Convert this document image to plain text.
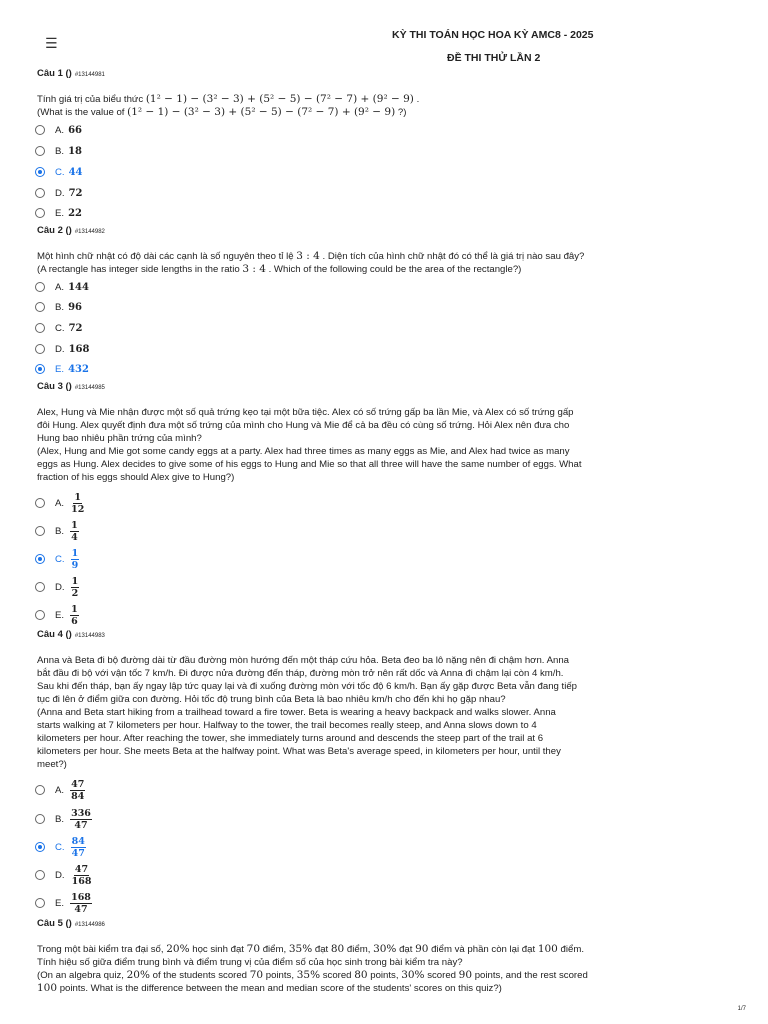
☰	KỲ THI TOÁN HỌC HOA KỲ AMC8 - 2025
ĐỀ THI THỬ LẦN 2
Câu 1 () #13144981

Tính giá trị của biểu thức (1² − 1) − (3² − 3) + (5² − 5) − (7² − 7) + (9² − 9) .

(What is the value of (1² − 1) − (3² − 3) + (5² − 5) − (7² − 7) + (9² − 9) ?)

A. 66
B. 18
C. 44
D. 72
E. 22
Câu 2 () #13144982

Một hình chữ nhật có độ dài các cạnh là số nguyên theo tỉ lệ 3 : 4 . Diện tích của hình chữ nhật đó có thể là giá trị nào sau đây?

(A rectangle has integer side lengths in the ratio 3 : 4 . Which of the following could be the area of the rectangle?)

A. 144
B. 96
C. 72
D. 168
E. 432
Câu 3 () #13144985

Alex, Hung và Mie nhận được một số quả trứng kẹo tại một bữa tiệc. Alex có số trứng gấp ba lần Mie, và Alex có số trứng gấp

đôi Hung. Alex quyết định đưa một số trứng của mình cho Hung và Mie để cả ba đều có cùng số trứng. Hỏi Alex nên đưa cho

Hung bao nhiêu phần trứng của mình?

(Alex, Hung and Mie got some candy eggs at a party. Alex had three times as many eggs as Mie, and Alex had twice as many

eggs as Hung. Alex decides to give some of his eggs to Hung and Mie so that all three will have the same number of eggs. What

fraction of his eggs should Alex give to Hung?)

A. $\frac{1}{12}$
B. $\frac{1}{4}$
C. $\frac{1}{9}$
D. $\frac{1}{2}$
E. $\frac{1}{6}$
Câu 4 () #13144983

Anna và Beta đi bộ đường dài từ đầu đường mòn hướng đến một tháp cứu hỏa. Beta đeo ba lô nặng nên đi chậm hơn. Anna

bắt đầu đi bộ với vận tốc 7 km/h. Đi được nửa đường đến tháp, đường mòn trở nên rất dốc và Anna đi chậm lại còn 4 km/h.

Sau khi đến tháp, bạn ấy ngay lập tức quay lại và đi xuống đường mòn với tốc độ 6 km/h. Bạn ấy gặp được Beta vẫn đang tiếp

tục đi lên ở điểm giữa con đường. Hỏi tốc độ trung bình của Beta là bao nhiêu km/h cho đến khi họ gặp nhau?

(Anna and Beta start hiking from a trailhead toward a fire tower. Beta is wearing a heavy backpack and walks slower. Anna

starts walking at 7 kilometers per hour. Halfway to the tower, the trail becomes really steep, and Anna slows down to 4

kilometers per hour. After reaching the tower, she immediately turns around and descends the steep part of the trail at 6

kilometers per hour. She meets Beta at the halfway point. What was Beta's average speed, in kilometers per hour, until they

meet?)

A. $\frac{47}{84}$
B. $\frac{336}{47}$
C. $\frac{84}{47}$
D. $\frac{47}{168}$
E. $\frac{168}{47}$
Câu 5 () #13144986

Trong một bài kiểm tra đại số, 20% học sinh đạt 70 điểm, 35% đạt 80 điểm, 30% đạt 90 điểm và phần còn lại đạt 100 điểm.

Tính hiệu số giữa điểm trung bình và điểm trung vị của điểm số của học sinh trong bài kiểm tra này?

(On an algebra quiz, 20% of the students scored 70 points, 35% scored 80 points, 30% scored 90 points, and the rest scored

100 points. What is the difference between the mean and median score of the students' scores on this quiz?)

1/7
